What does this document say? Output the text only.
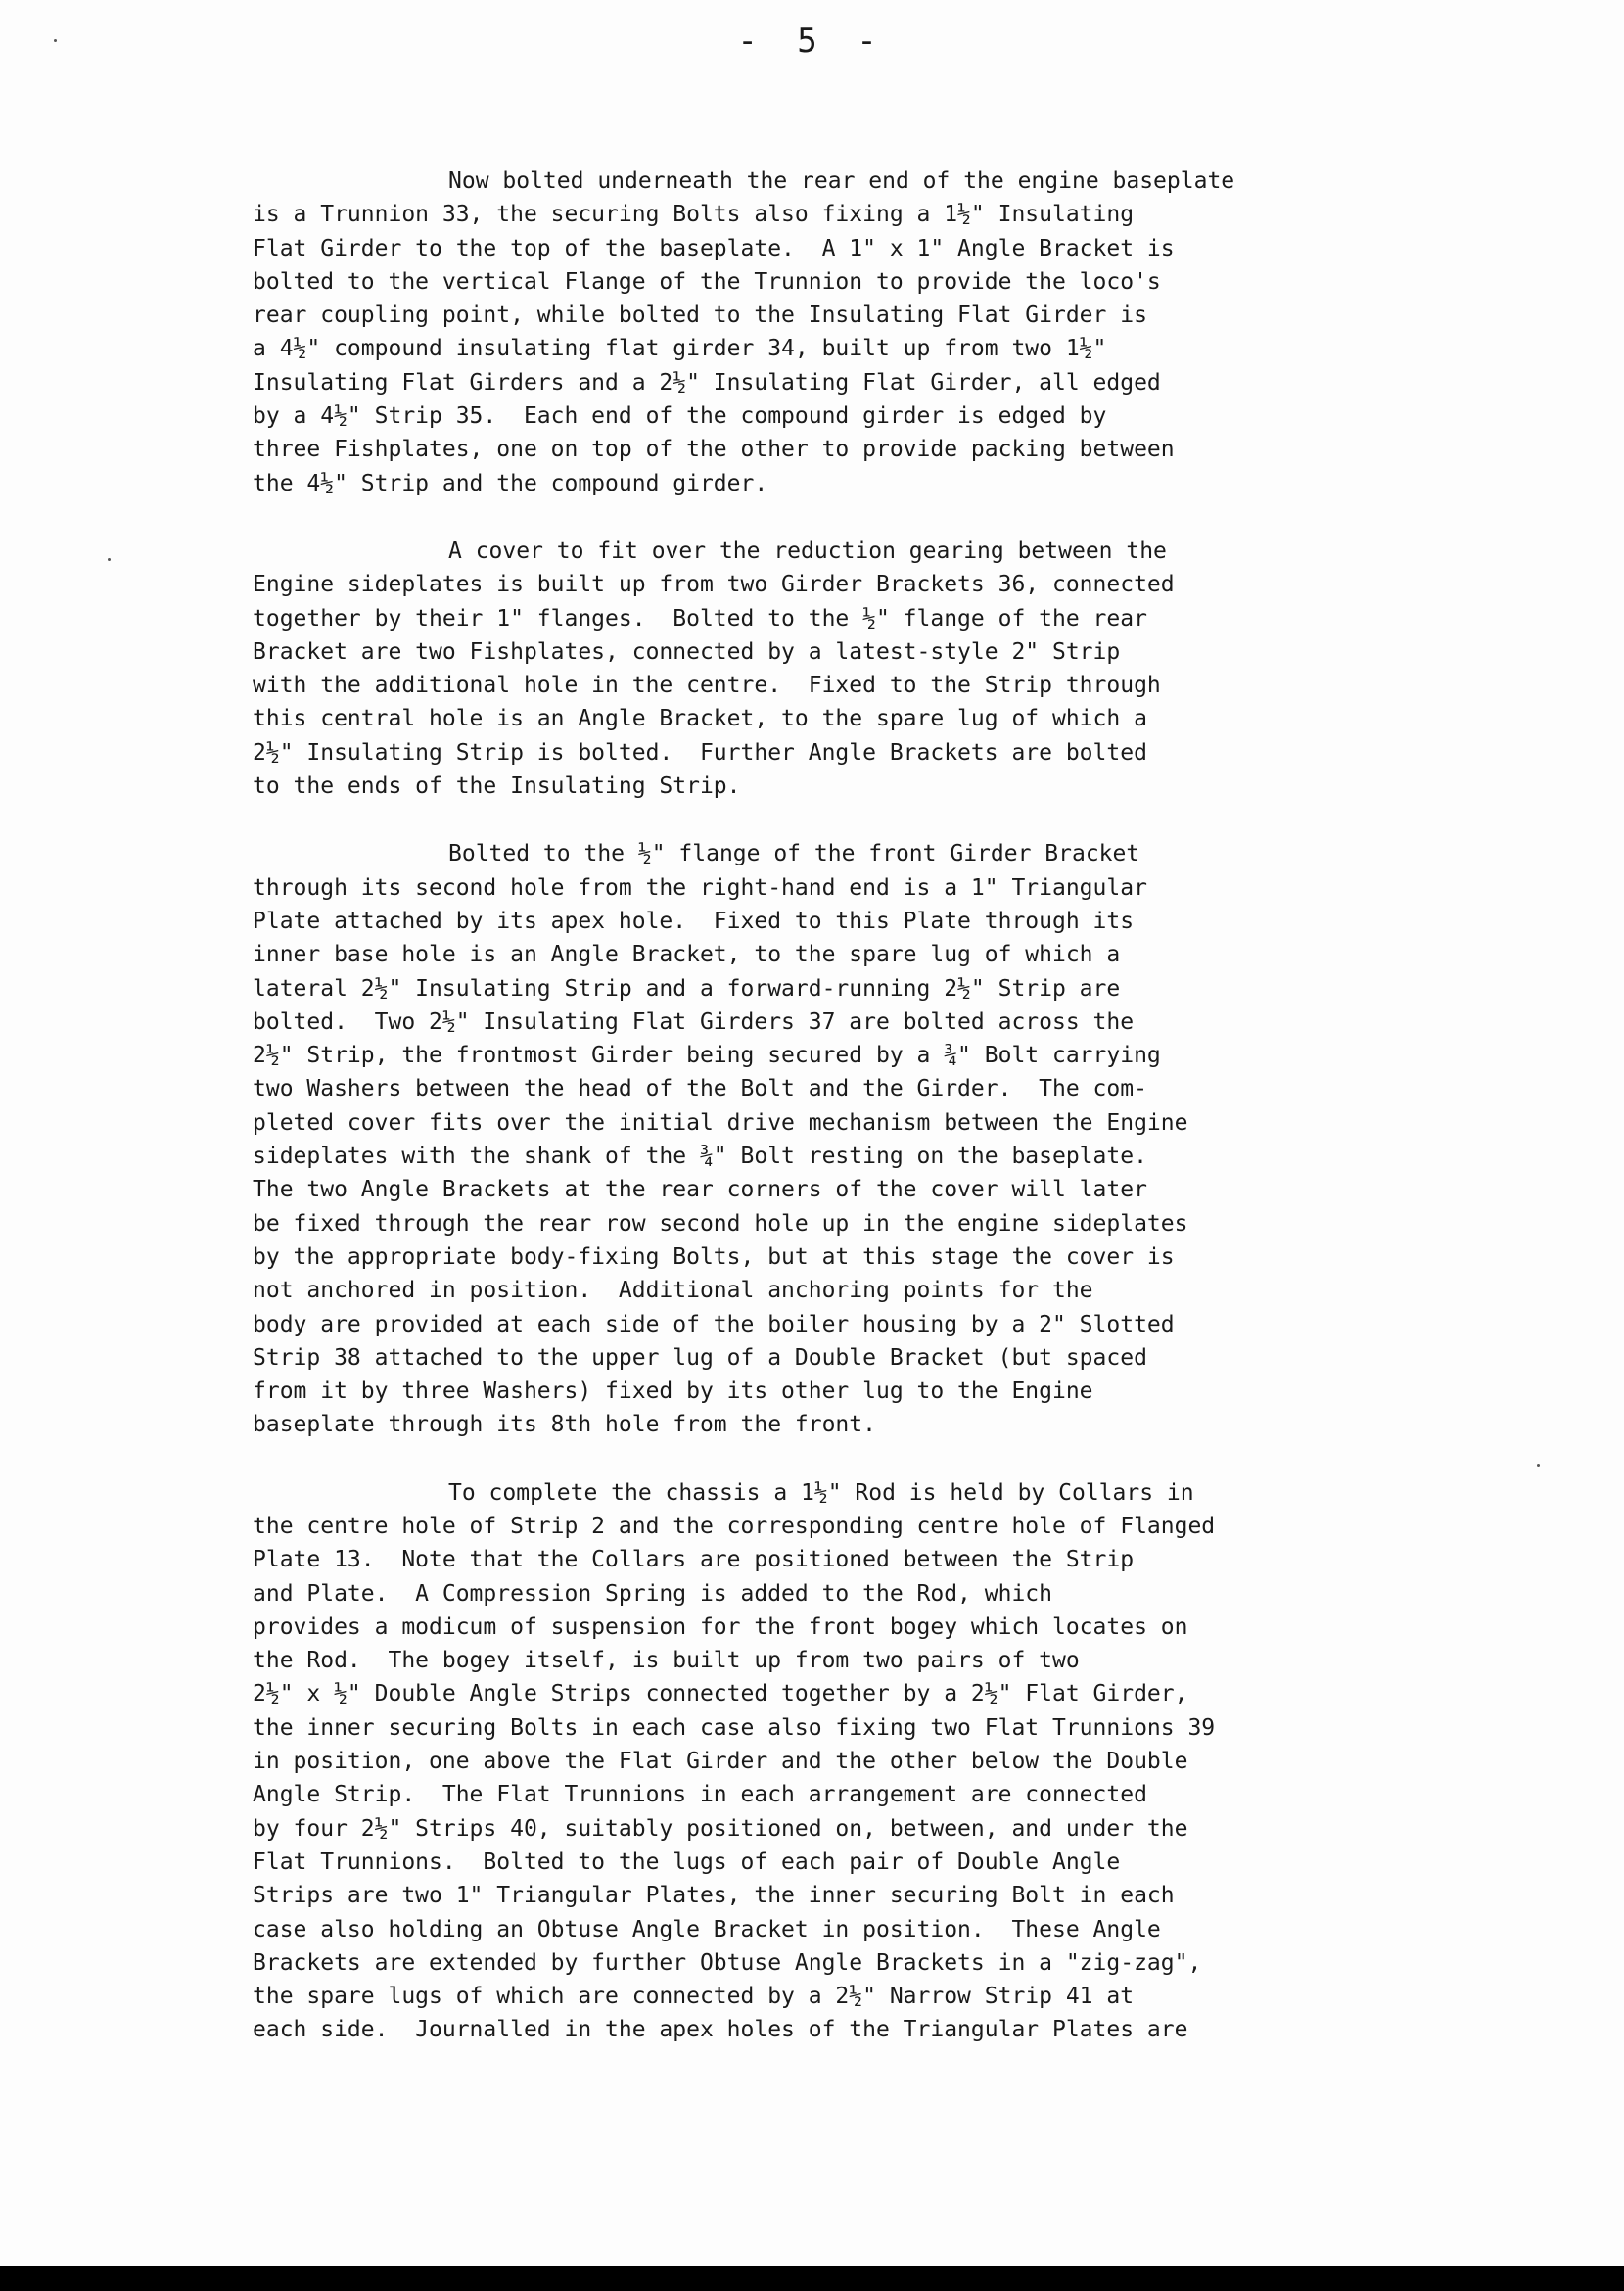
- 5 -

Now bolted underneath the rear end of the engine baseplate
is a Trunnion 33, the securing Bolts also fixing a 1½" Insulating
Flat Girder to the top of the baseplate.  A 1" x 1" Angle Bracket is
bolted to the vertical Flange of the Trunnion to provide the loco's
rear coupling point, while bolted to the Insulating Flat Girder is
a 4½" compound insulating flat girder 34, built up from two 1½"
Insulating Flat Girders and a 2½" Insulating Flat Girder, all edged
by a 4½" Strip 35.  Each end of the compound girder is edged by
three Fishplates, one on top of the other to provide packing between
the 4½" Strip and the compound girder.

A cover to fit over the reduction gearing between the
Engine sideplates is built up from two Girder Brackets 36, connected
together by their 1" flanges.  Bolted to the ½" flange of the rear
Bracket are two Fishplates, connected by a latest-style 2" Strip
with the additional hole in the centre.  Fixed to the Strip through
this central hole is an Angle Bracket, to the spare lug of which a
2½" Insulating Strip is bolted.  Further Angle Brackets are bolted
to the ends of the Insulating Strip.

Bolted to the ½" flange of the front Girder Bracket
through its second hole from the right-hand end is a 1" Triangular
Plate attached by its apex hole.  Fixed to this Plate through its
inner base hole is an Angle Bracket, to the spare lug of which a
lateral 2½" Insulating Strip and a forward-running 2½" Strip are
bolted.  Two 2½" Insulating Flat Girders 37 are bolted across the
2½" Strip, the frontmost Girder being secured by a ¾" Bolt carrying
two Washers between the head of the Bolt and the Girder.  The com-
pleted cover fits over the initial drive mechanism between the Engine
sideplates with the shank of the ¾" Bolt resting on the baseplate.
The two Angle Brackets at the rear corners of the cover will later
be fixed through the rear row second hole up in the engine sideplates
by the appropriate body-fixing Bolts, but at this stage the cover is
not anchored in position.  Additional anchoring points for the
body are provided at each side of the boiler housing by a 2" Slotted
Strip 38 attached to the upper lug of a Double Bracket (but spaced
from it by three Washers) fixed by its other lug to the Engine
baseplate through its 8th hole from the front.

To complete the chassis a 1½" Rod is held by Collars in
the centre hole of Strip 2 and the corresponding centre hole of Flanged
Plate 13.  Note that the Collars are positioned between the Strip
and Plate.  A Compression Spring is added to the Rod, which
provides a modicum of suspension for the front bogey which locates on
the Rod.  The bogey itself, is built up from two pairs of two
2½" x ½" Double Angle Strips connected together by a 2½" Flat Girder,
the inner securing Bolts in each case also fixing two Flat Trunnions 39
in position, one above the Flat Girder and the other below the Double
Angle Strip.  The Flat Trunnions in each arrangement are connected
by four 2½" Strips 40, suitably positioned on, between, and under the
Flat Trunnions.  Bolted to the lugs of each pair of Double Angle
Strips are two 1" Triangular Plates, the inner securing Bolt in each
case also holding an Obtuse Angle Bracket in position.  These Angle
Brackets are extended by further Obtuse Angle Brackets in a "zig-zag",
the spare lugs of which are connected by a 2½" Narrow Strip 41 at
each side.  Journalled in the apex holes of the Triangular Plates are
